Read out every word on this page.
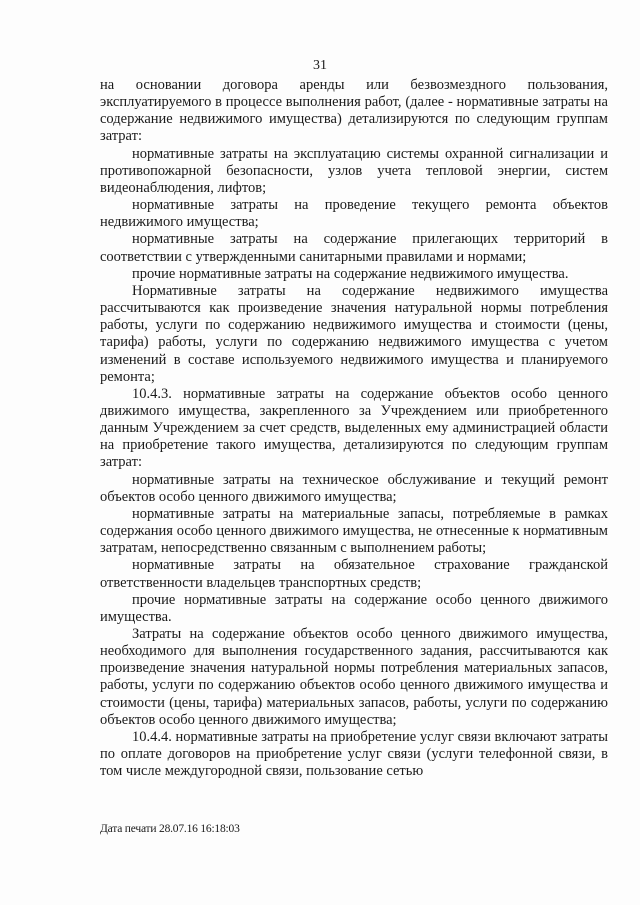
31

на основании договора аренды или безвозмездного пользования, эксплуатируемого в процессе выполнения работ, (далее - нормативные затраты на содержание недвижимого имущества) детализируются по следующим группам затрат:

нормативные затраты на эксплуатацию системы охранной сигнализации и противопожарной безопасности, узлов учета тепловой энергии, систем видеонаблюдения, лифтов;

нормативные затраты на проведение текущего ремонта объектов недвижимого имущества;

нормативные затраты на содержание прилегающих территорий в соответствии с утвержденными санитарными правилами и нормами;

прочие нормативные затраты на содержание недвижимого имущества.

Нормативные затраты на содержание недвижимого имущества рассчитываются как произведение значения натуральной нормы потребления работы, услуги по содержанию недвижимого имущества и стоимости (цены, тарифа) работы, услуги по содержанию недвижимого имущества с учетом изменений в составе используемого недвижимого имущества и планируемого ремонта;

10.4.3. нормативные затраты на содержание объектов особо ценного движимого имущества, закрепленного за Учреждением или приобретенного данным Учреждением за счет средств, выделенных ему администрацией области на приобретение такого имущества, детализируются по следующим группам затрат:

нормативные затраты на техническое обслуживание и текущий ремонт объектов особо ценного движимого имущества;

нормативные затраты на материальные запасы, потребляемые в рамках содержания особо ценного движимого имущества, не отнесенные к нормативным затратам, непосредственно связанным с выполнением работы;

нормативные затраты на обязательное страхование гражданской ответственности владельцев транспортных средств;

прочие нормативные затраты на содержание особо ценного движимого имущества.

Затраты на содержание объектов особо ценного движимого имущества, необходимого для выполнения государственного задания, рассчитываются как произведение значения натуральной нормы потребления материальных запасов, работы, услуги по содержанию объектов особо ценного движимого имущества и стоимости (цены, тарифа) материальных запасов, работы, услуги по содержанию объектов особо ценного движимого имущества;

10.4.4. нормативные затраты на приобретение услуг связи включают затраты по оплате договоров на приобретение услуг связи (услуги телефонной связи, в том числе междугородной связи, пользование сетью

Дата печати 28.07.16 16:18:03
